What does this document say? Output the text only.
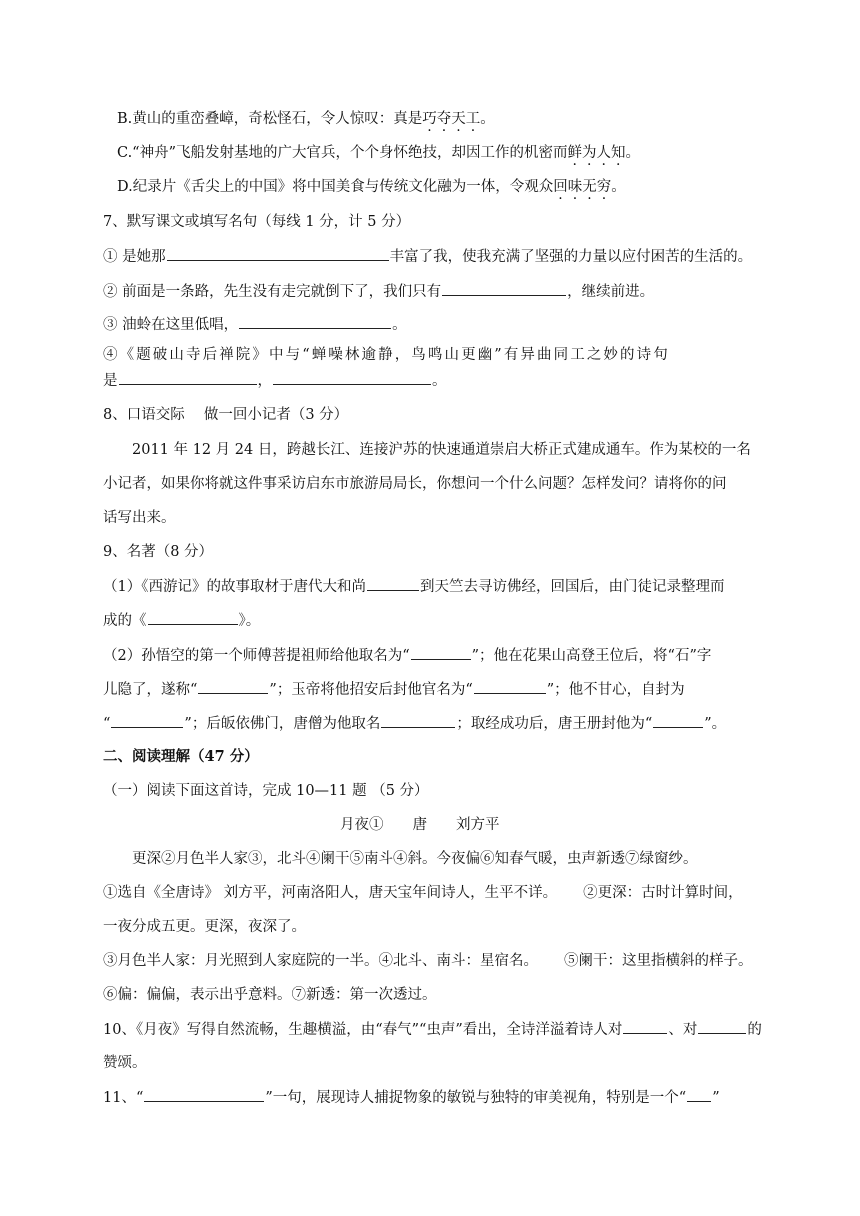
B.黄山的重峦叠嶂，奇松怪石，令人惊叹：真是巧夺天工。
C.“神舟”飞船发射基地的广大官兵，个个身怀绝技，却因工作的机密而鲜为人知。
D.纪录片《舌尖上的中国》将中国美食与传统文化融为一体，令观众回味无穷。
7、默写课文或填写名句（每线 1 分，计 5 分）
① 是她那	丰富了我，使我充满了坚强的力量以应付困苦的生活的。
② 前面是一条路，先生没有走完就倒下了，我们只有	，继续前进。
③ 油蛉在这里低唱，	。
④《题破山寺后禅院》中与“蝉噪林逾静，鸟鸣山更幽”有异曲同工之妙的诗句
是	，	。
8、口语交际　 做一回小记者（3 分）
2011 年 12 月 24 日，跨越长江、连接沪苏的快速通道崇启大桥正式建成通车。作为某校的一名
小记者，如果你将就这件事采访启东市旅游局局长，你想问一个什么问题？怎样发问？请将你的问
话写出来。
9、名著（8 分）
（1）《西游记》的故事取材于唐代大和尚	到天竺去寻访佛经，回国后，由门徒记录整理而
成的《	》。
（2）孙悟空的第一个师傅菩提祖师给他取名为“	”；他在花果山高登王位后，将“石”字
儿隐了，遂称“	”；玉帝将他招安后封他官名为“	”；他不甘心，自封为
“	”；后皈依佛门，唐僧为他取名	；取经成功后，唐王册封他为“	”。
二、阅读理解（47 分）
（一）阅读下面这首诗，完成 10—11 题 （5 分）
月夜①　　唐　　刘方平
更深②月色半人家③，北斗④阑干⑤南斗④斜。今夜偏⑥知春气暖，虫声新透⑦绿窗纱。
①选自《全唐诗》 刘方平，河南洛阳人，唐天宝年间诗人，生平不详。 ②更深：古时计算时间，
一夜分成五更。更深，夜深了。
③月色半人家：月光照到人家庭院的一半。④北斗、南斗：星宿名。 ⑤阑干：这里指横斜的样子。
⑥偏：偏偏，表示出乎意料。⑦新透：第一次透过。
10、《月夜》写得自然流畅，生趣横溢，由“春气”“虫声”看出，全诗洋溢着诗人对	、对	的
赞颂。
11、“	”一句，展现诗人捕捉物象的敏锐与独特的审美视角，特别是一个“ ”
